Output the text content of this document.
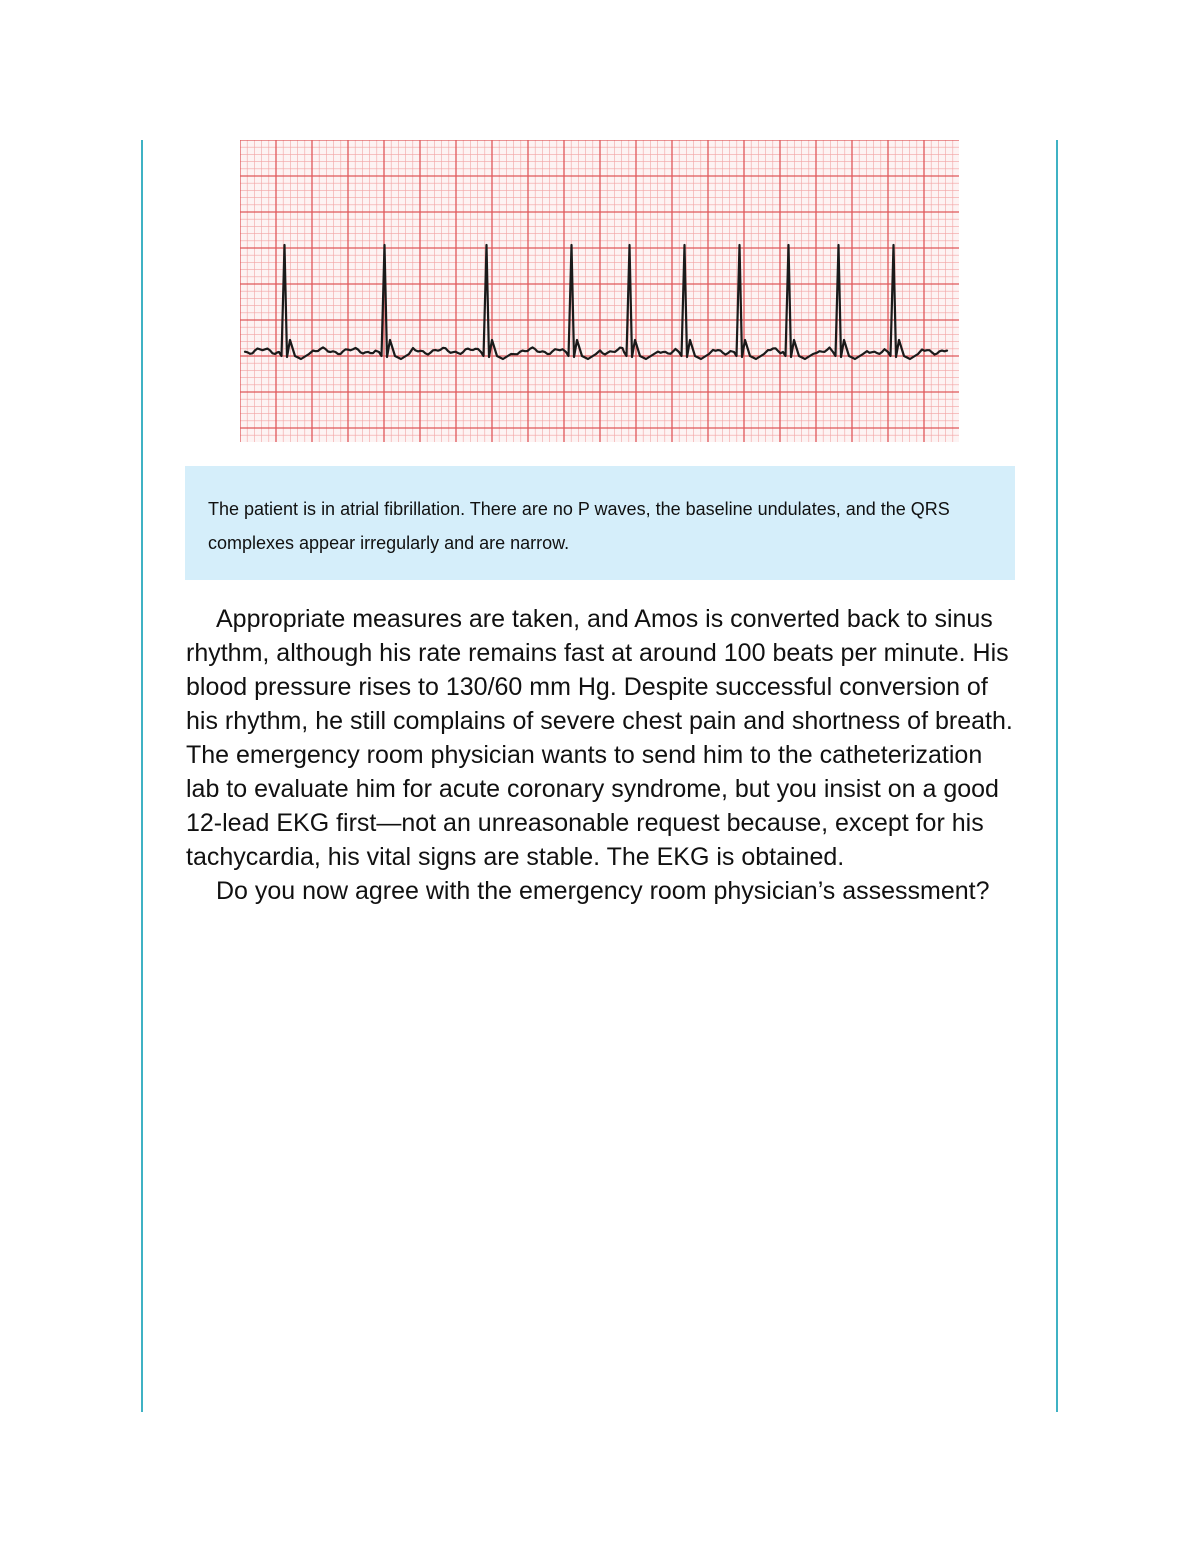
The patient is in atrial fibrillation. There are no P waves, the baseline undulates, and the QRS complexes appear irregularly and are narrow.

Appropriate measures are taken, and Amos is converted back to sinus rhythm, although his rate remains fast at around 100 beats per minute. His blood pressure rises to 130/60 mm Hg. Despite successful conversion of his rhythm, he still complains of severe chest pain and shortness of breath. The emergency room physician wants to send him to the catheterization lab to evaluate him for acute coronary syndrome, but you insist on a good 12-lead EKG first—not an unreasonable request because, except for his tachycardia, his vital signs are stable. The EKG is obtained.

Do you now agree with the emergency room physician’s assessment?
